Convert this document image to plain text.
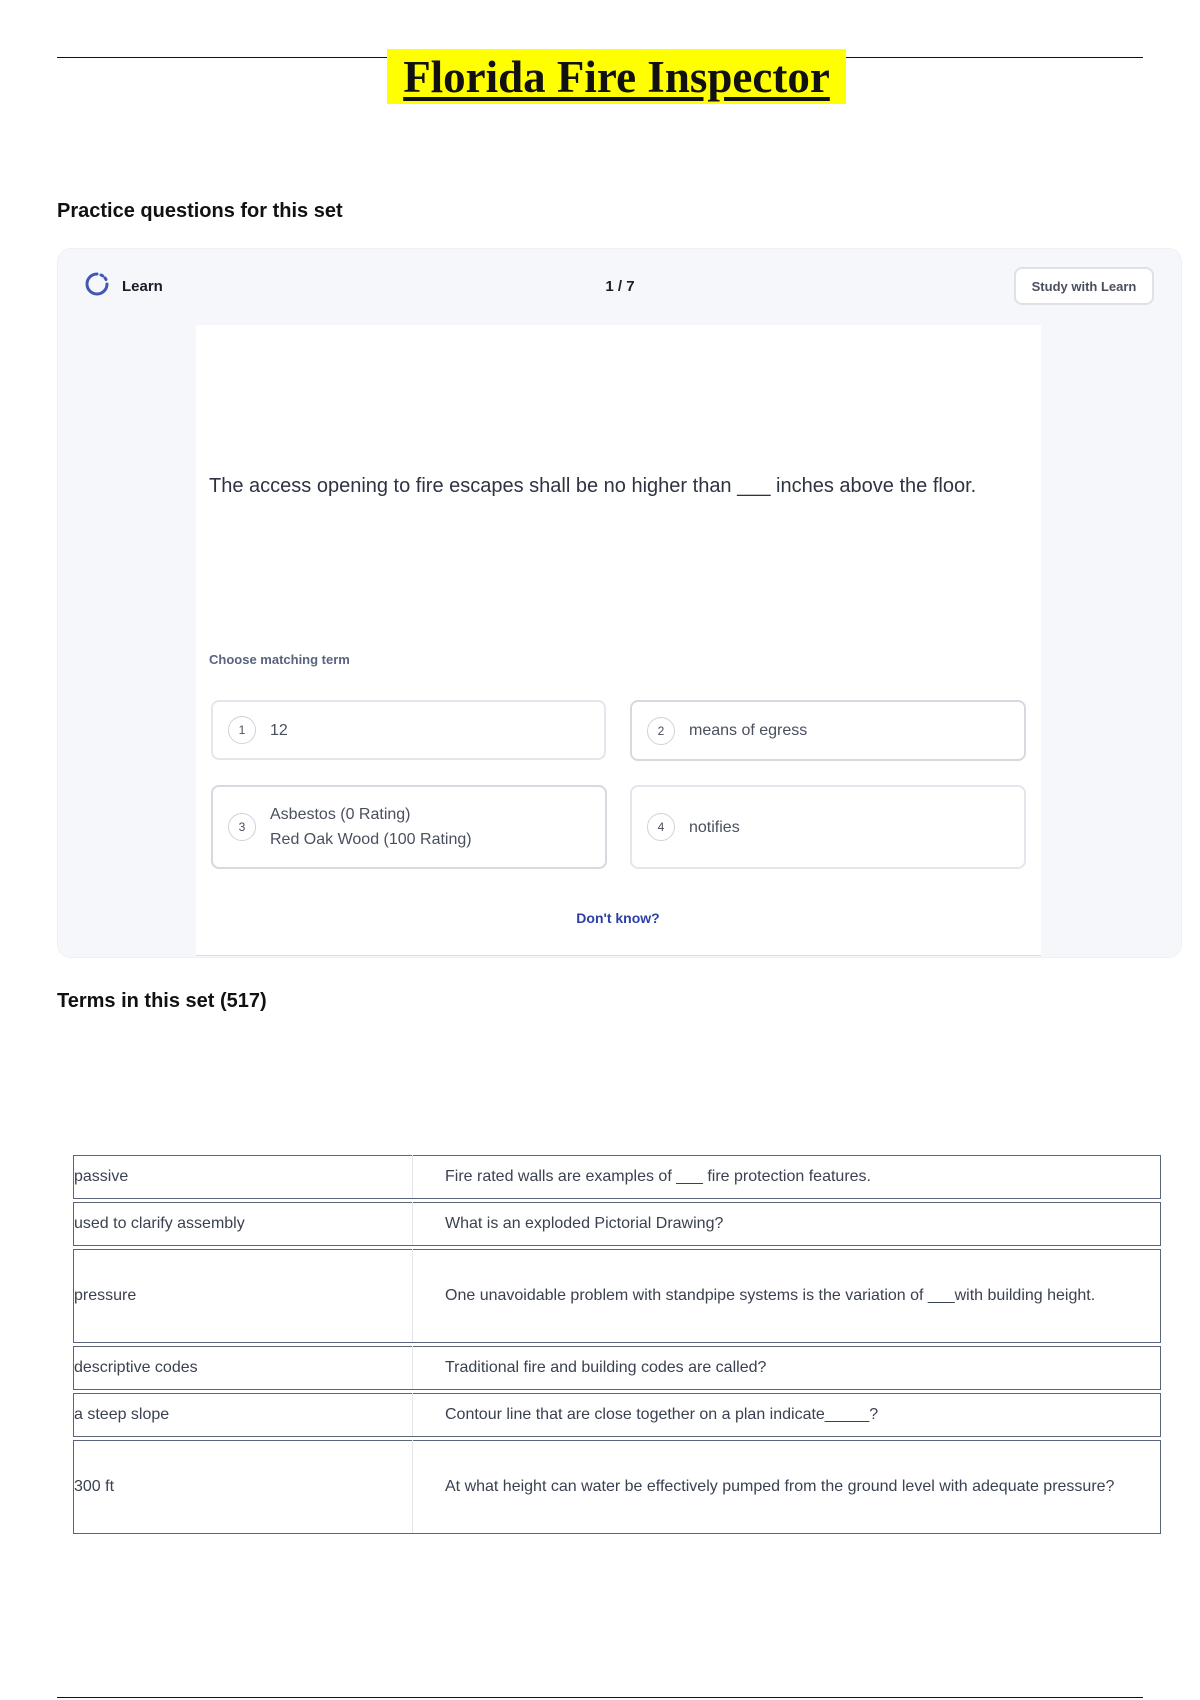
Florida Fire Inspector
Practice questions for this set
Learn	1 / 7	Study with Learn
The access opening to fire escapes shall be no higher than ___ inches above the floor.
Choose matching term
1	12	2	means of egress
3
Asbestos (0 Rating)
Red Oak Wood (100 Rating)
4	notifies
Don't know?
Terms in this set (517)
passive	Fire rated walls are examples of ___ fire protection features.

used to clarify assembly	What is an exploded Pictorial Drawing?

pressure	One unavoidable problem with standpipe systems is the variation of ___with building height.

descriptive codes	Traditional fire and building codes are called?

a steep slope	Contour line that are close together on a plan indicate_____?

300 ft	At what height can water be effectively pumped from the ground level with adequate pressure?
